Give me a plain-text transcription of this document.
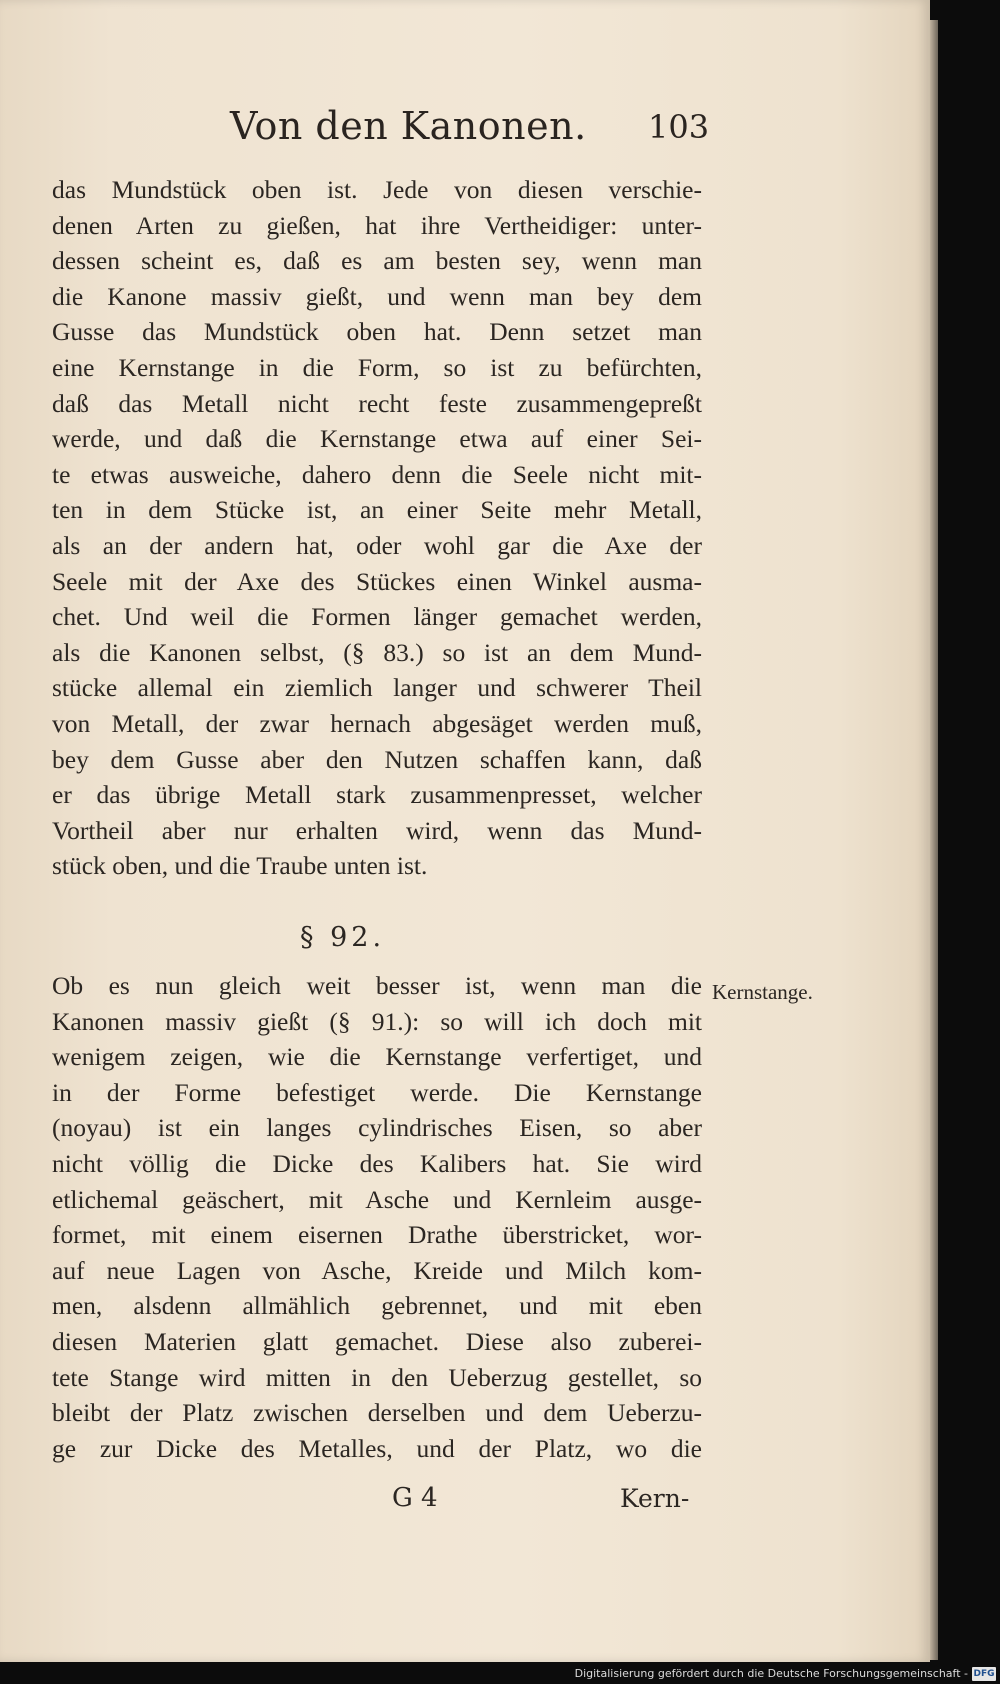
Von den Kanonen. 103
das Mundstück oben ist. Jede von diesen verschie-
denen Arten zu gießen, hat ihre Vertheidiger: unter-
dessen scheint es, daß es am besten sey, wenn man
die Kanone massiv gießt, und wenn man bey dem
Gusse das Mundstück oben hat. Denn setzet man
eine Kernstange in die Form, so ist zu befürchten,
daß das Metall nicht recht feste zusammengepreßt
werde, und daß die Kernstange etwa auf einer Sei-
te etwas ausweiche, dahero denn die Seele nicht mit-
ten in dem Stücke ist, an einer Seite mehr Metall,
als an der andern hat, oder wohl gar die Axe der
Seele mit der Axe des Stückes einen Winkel ausma-
chet. Und weil die Formen länger gemachet werden,
als die Kanonen selbst, (§ 83.) so ist an dem Mund-
stücke allemal ein ziemlich langer und schwerer Theil
von Metall, der zwar hernach abgesäget werden muß,
bey dem Gusse aber den Nutzen schaffen kann, daß
er das übrige Metall stark zusammenpresset, welcher
Vortheil aber nur erhalten wird, wenn das Mund-
stück oben, und die Traube unten ist.
§ 92.
Kernstange.
Ob es nun gleich weit besser ist, wenn man die
Kanonen massiv gießt (§ 91.): so will ich doch mit
wenigem zeigen, wie die Kernstange verfertiget, und
in der Forme befestiget werde. Die Kernstange
(noyau) ist ein langes cylindrisches Eisen, so aber
nicht völlig die Dicke des Kalibers hat. Sie wird
etlichemal geäschert, mit Asche und Kernleim ausge-
formet, mit einem eisernen Drathe überstricket, wor-
auf neue Lagen von Asche, Kreide und Milch kom-
men, alsdenn allmählich gebrennet, und mit eben
diesen Materien glatt gemachet. Diese also zuberei-
tete Stange wird mitten in den Ueberzug gestellet, so
bleibt der Platz zwischen derselben und dem Ueberzu-
ge zur Dicke des Metalles, und der Platz, wo die
G 4	Kern-
Digitalisierung gefördert durch die Deutsche Forschungsgemeinschaft - DFG
